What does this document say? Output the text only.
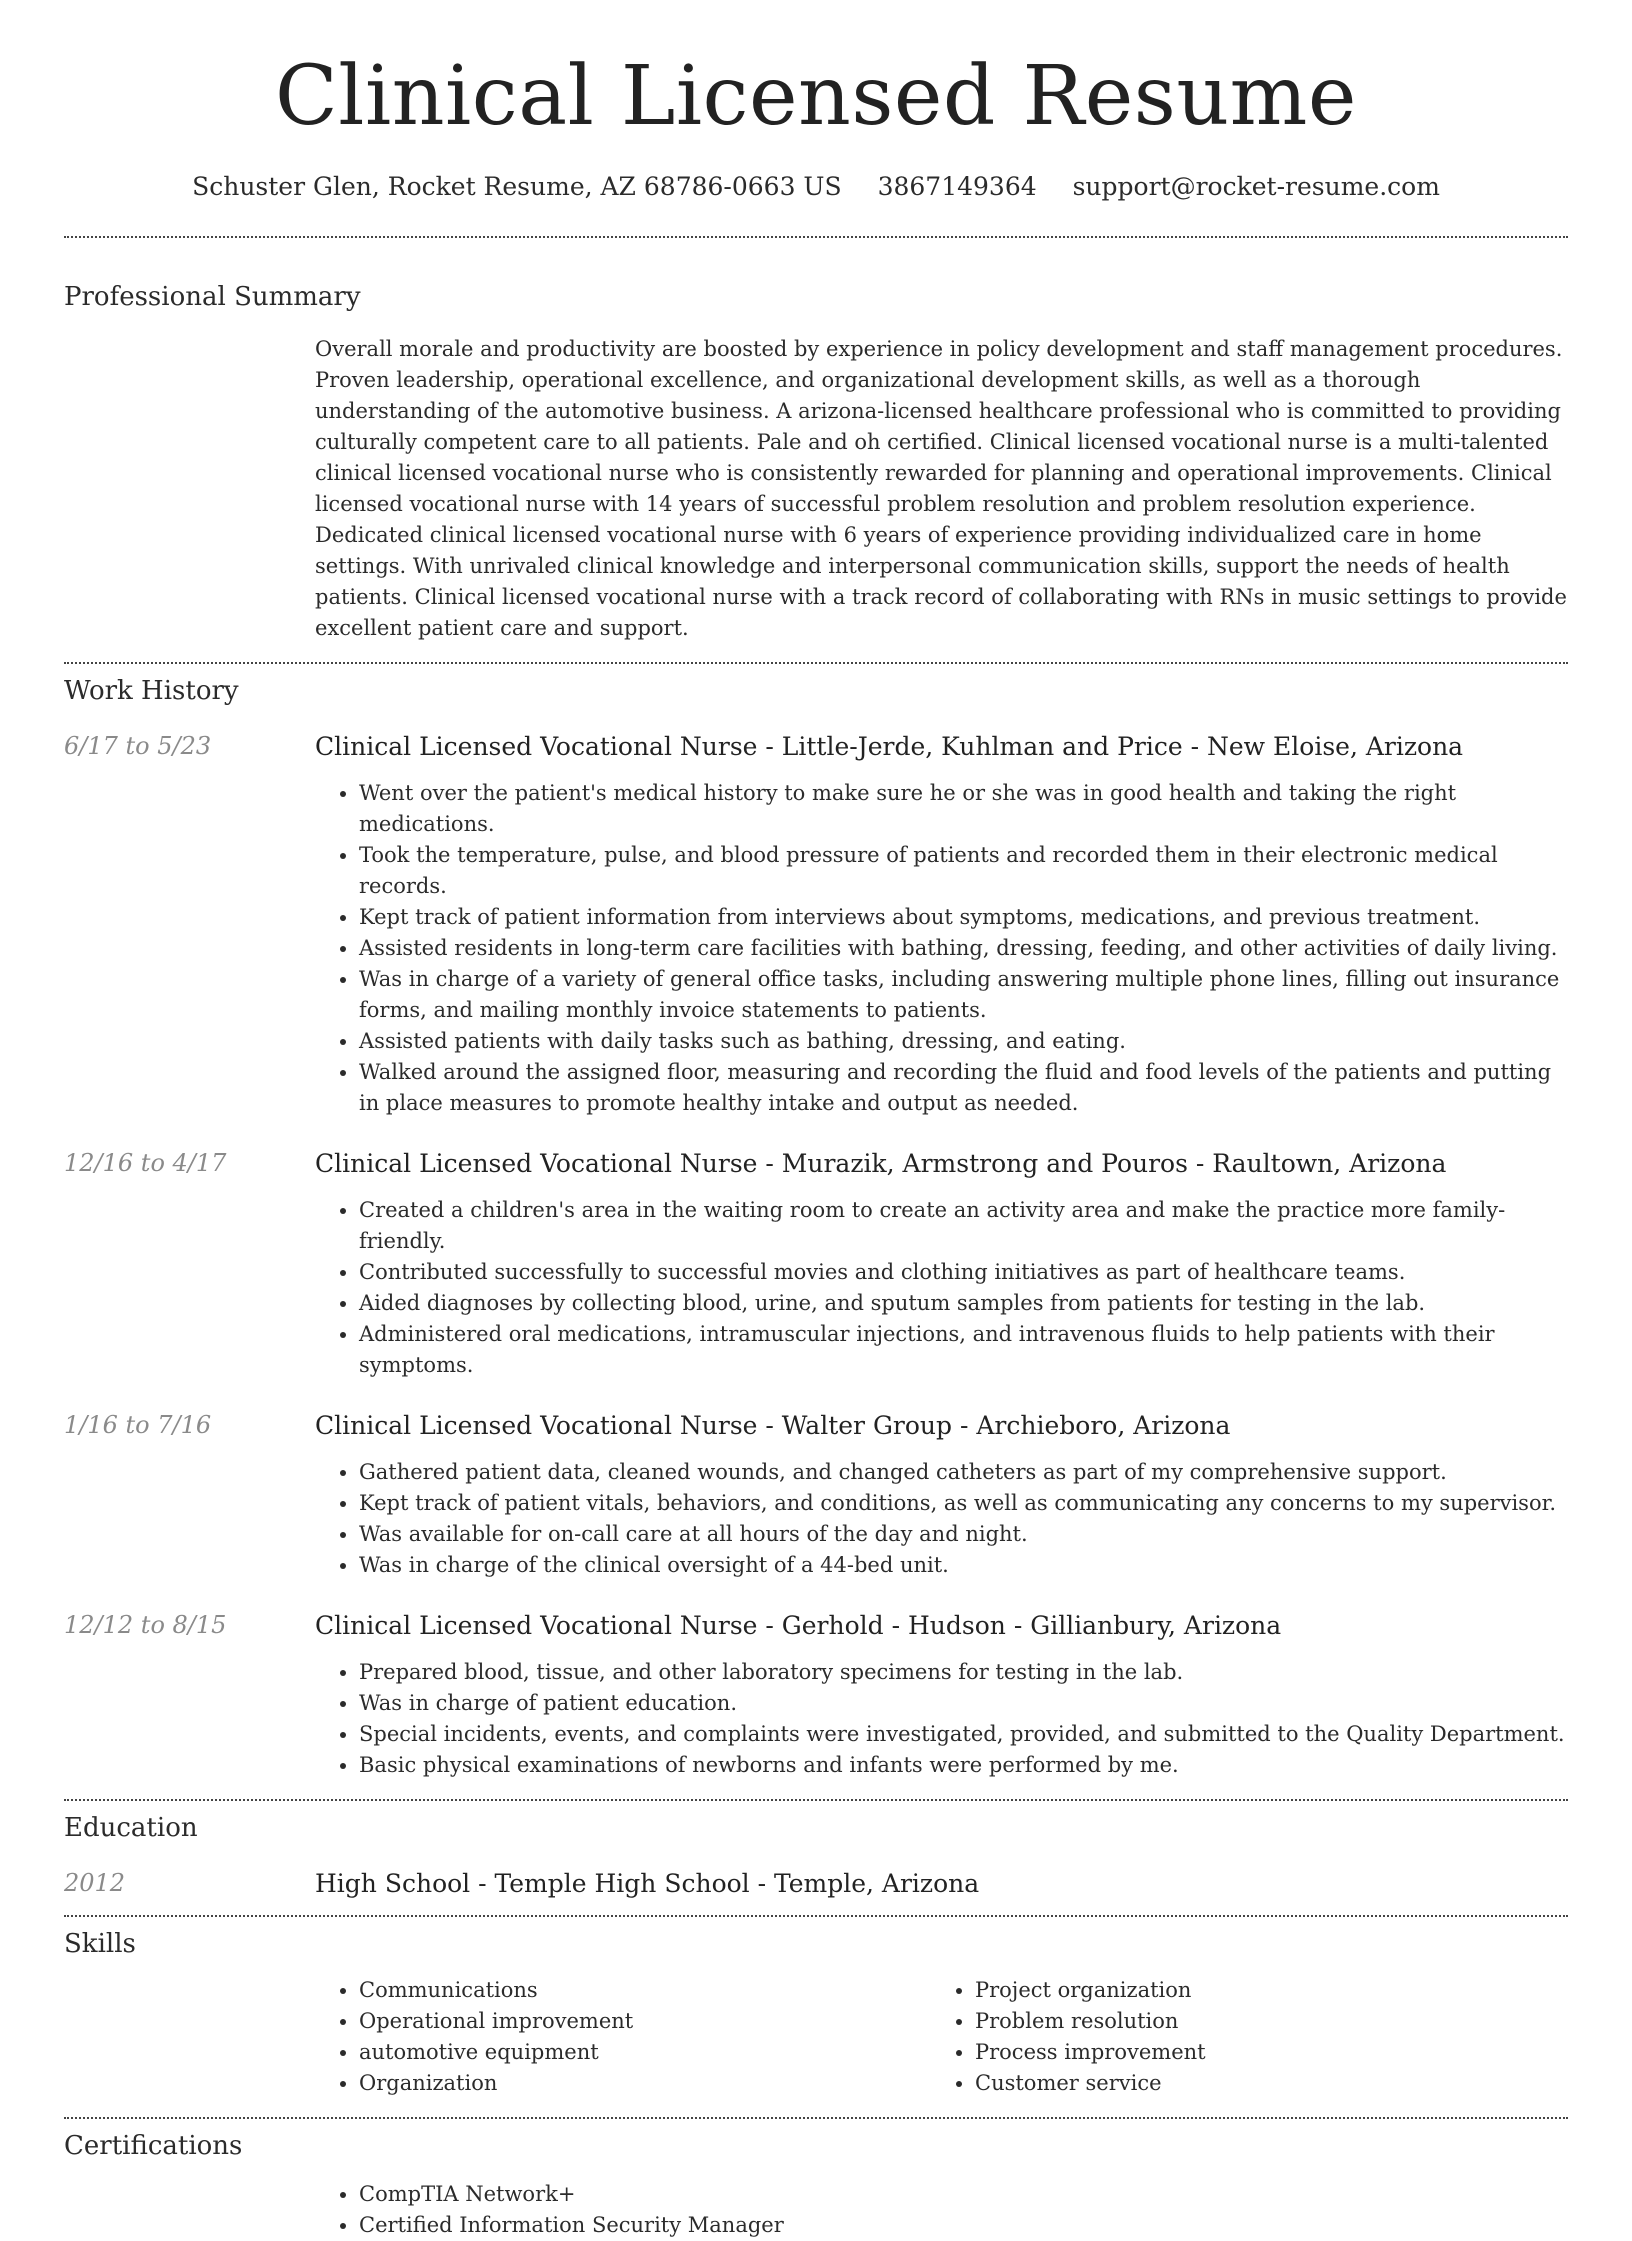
Clinical Licensed Resume
Schuster Glen, Rocket Resume, AZ 68786-0663 US 3867149364 support@rocket-resume.com
Professional Summary

Overall morale and productivity are boosted by experience in policy development and staff management procedures. Proven leadership, operational excellence, and organizational development skills, as well as a thorough understanding of the automotive business. A arizona-licensed healthcare professional who is committed to providing culturally competent care to all patients. Pale and oh certified. Clinical licensed vocational nurse is a multi-talented clinical licensed vocational nurse who is consistently rewarded for planning and operational improvements. Clinical licensed vocational nurse with 14 years of successful problem resolution and problem resolution experience. Dedicated clinical licensed vocational nurse with 6 years of experience providing individualized care in home settings. With unrivaled clinical knowledge and interpersonal communication skills, support the needs of health patients. Clinical licensed vocational nurse with a track record of collaborating with RNs in music settings to provide excellent patient care and support.

Work History
6/17 to 5/23	Clinical Licensed Vocational Nurse - Little-Jerde, Kuhlman and Price - New Eloise, Arizona
• Went over the patient's medical history to make sure he or she was in good health and taking the right medications.
• Took the temperature, pulse, and blood pressure of patients and recorded them in their electronic medical records.
• Kept track of patient information from interviews about symptoms, medications, and previous treatment.
• Assisted residents in long-term care facilities with bathing, dressing, feeding, and other activities of daily living.
• Was in charge of a variety of general office tasks, including answering multiple phone lines, filling out insurance forms, and mailing monthly invoice statements to patients.
• Assisted patients with daily tasks such as bathing, dressing, and eating.
• Walked around the assigned floor, measuring and recording the fluid and food levels of the patients and putting in place measures to promote healthy intake and output as needed.
12/16 to 4/17	Clinical Licensed Vocational Nurse - Murazik, Armstrong and Pouros - Raultown, Arizona
• Created a children's area in the waiting room to create an activity area and make the practice more family-friendly.
• Contributed successfully to successful movies and clothing initiatives as part of healthcare teams.
• Aided diagnoses by collecting blood, urine, and sputum samples from patients for testing in the lab.
• Administered oral medications, intramuscular injections, and intravenous fluids to help patients with their symptoms.
1/16 to 7/16	Clinical Licensed Vocational Nurse - Walter Group - Archieboro, Arizona
• Gathered patient data, cleaned wounds, and changed catheters as part of my comprehensive support.
• Kept track of patient vitals, behaviors, and conditions, as well as communicating any concerns to my supervisor.
• Was available for on-call care at all hours of the day and night.
• Was in charge of the clinical oversight of a 44-bed unit.
12/12 to 8/15	Clinical Licensed Vocational Nurse - Gerhold - Hudson - Gillianbury, Arizona
• Prepared blood, tissue, and other laboratory specimens for testing in the lab.
• Was in charge of patient education.
• Special incidents, events, and complaints were investigated, provided, and submitted to the Quality Department.
• Basic physical examinations of newborns and infants were performed by me.
Education
2012	High School - Temple High School - Temple, Arizona
Skills
• Communications
• Operational improvement
• automotive equipment
• Organization
• Project organization
• Problem resolution
• Process improvement
• Customer service
Certifications
• CompTIA Network+
• Certified Information Security Manager
